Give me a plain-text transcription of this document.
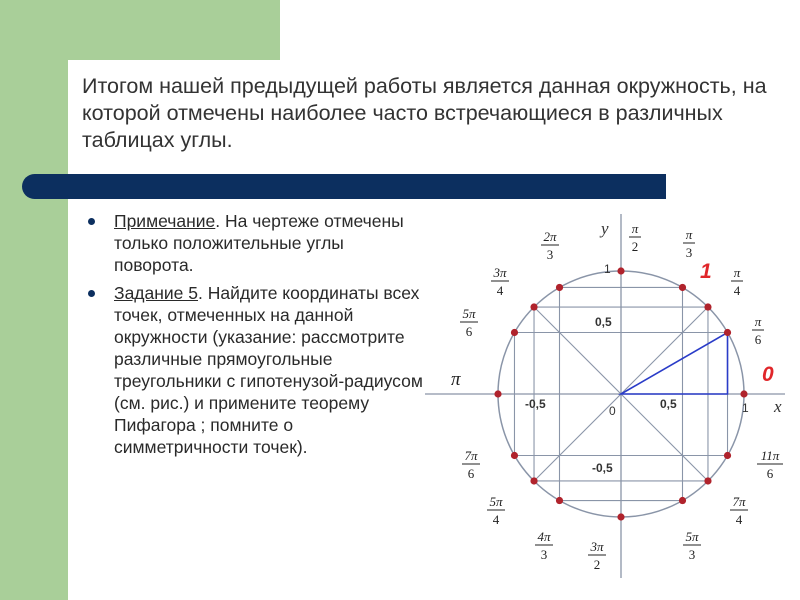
Итогом нашей предыдущей работы является данная окружность, на которой отмечены наиболее часто встречающиеся в различных таблицах углы.
Примечание. На чертеже отмечены только положительные углы поворота.
Задание 5. Найдите координаты всех точек, отмеченных на данной окружности (указание: рассмотрите различные прямоугольные треугольники с гипотенузой-радиусом (см. рис.) и примените теорему Пифагора ; помните о симметричности точек).
π
6
π
4
π
3
π
2
2π
3
3π
4
5π
6
7π
6
5π
4
4π
3
3π
2
5π
3
7π
4
11π
6
x
y
0	1
1
0,5
0,5
-0,5
-0,5
0
1
π
